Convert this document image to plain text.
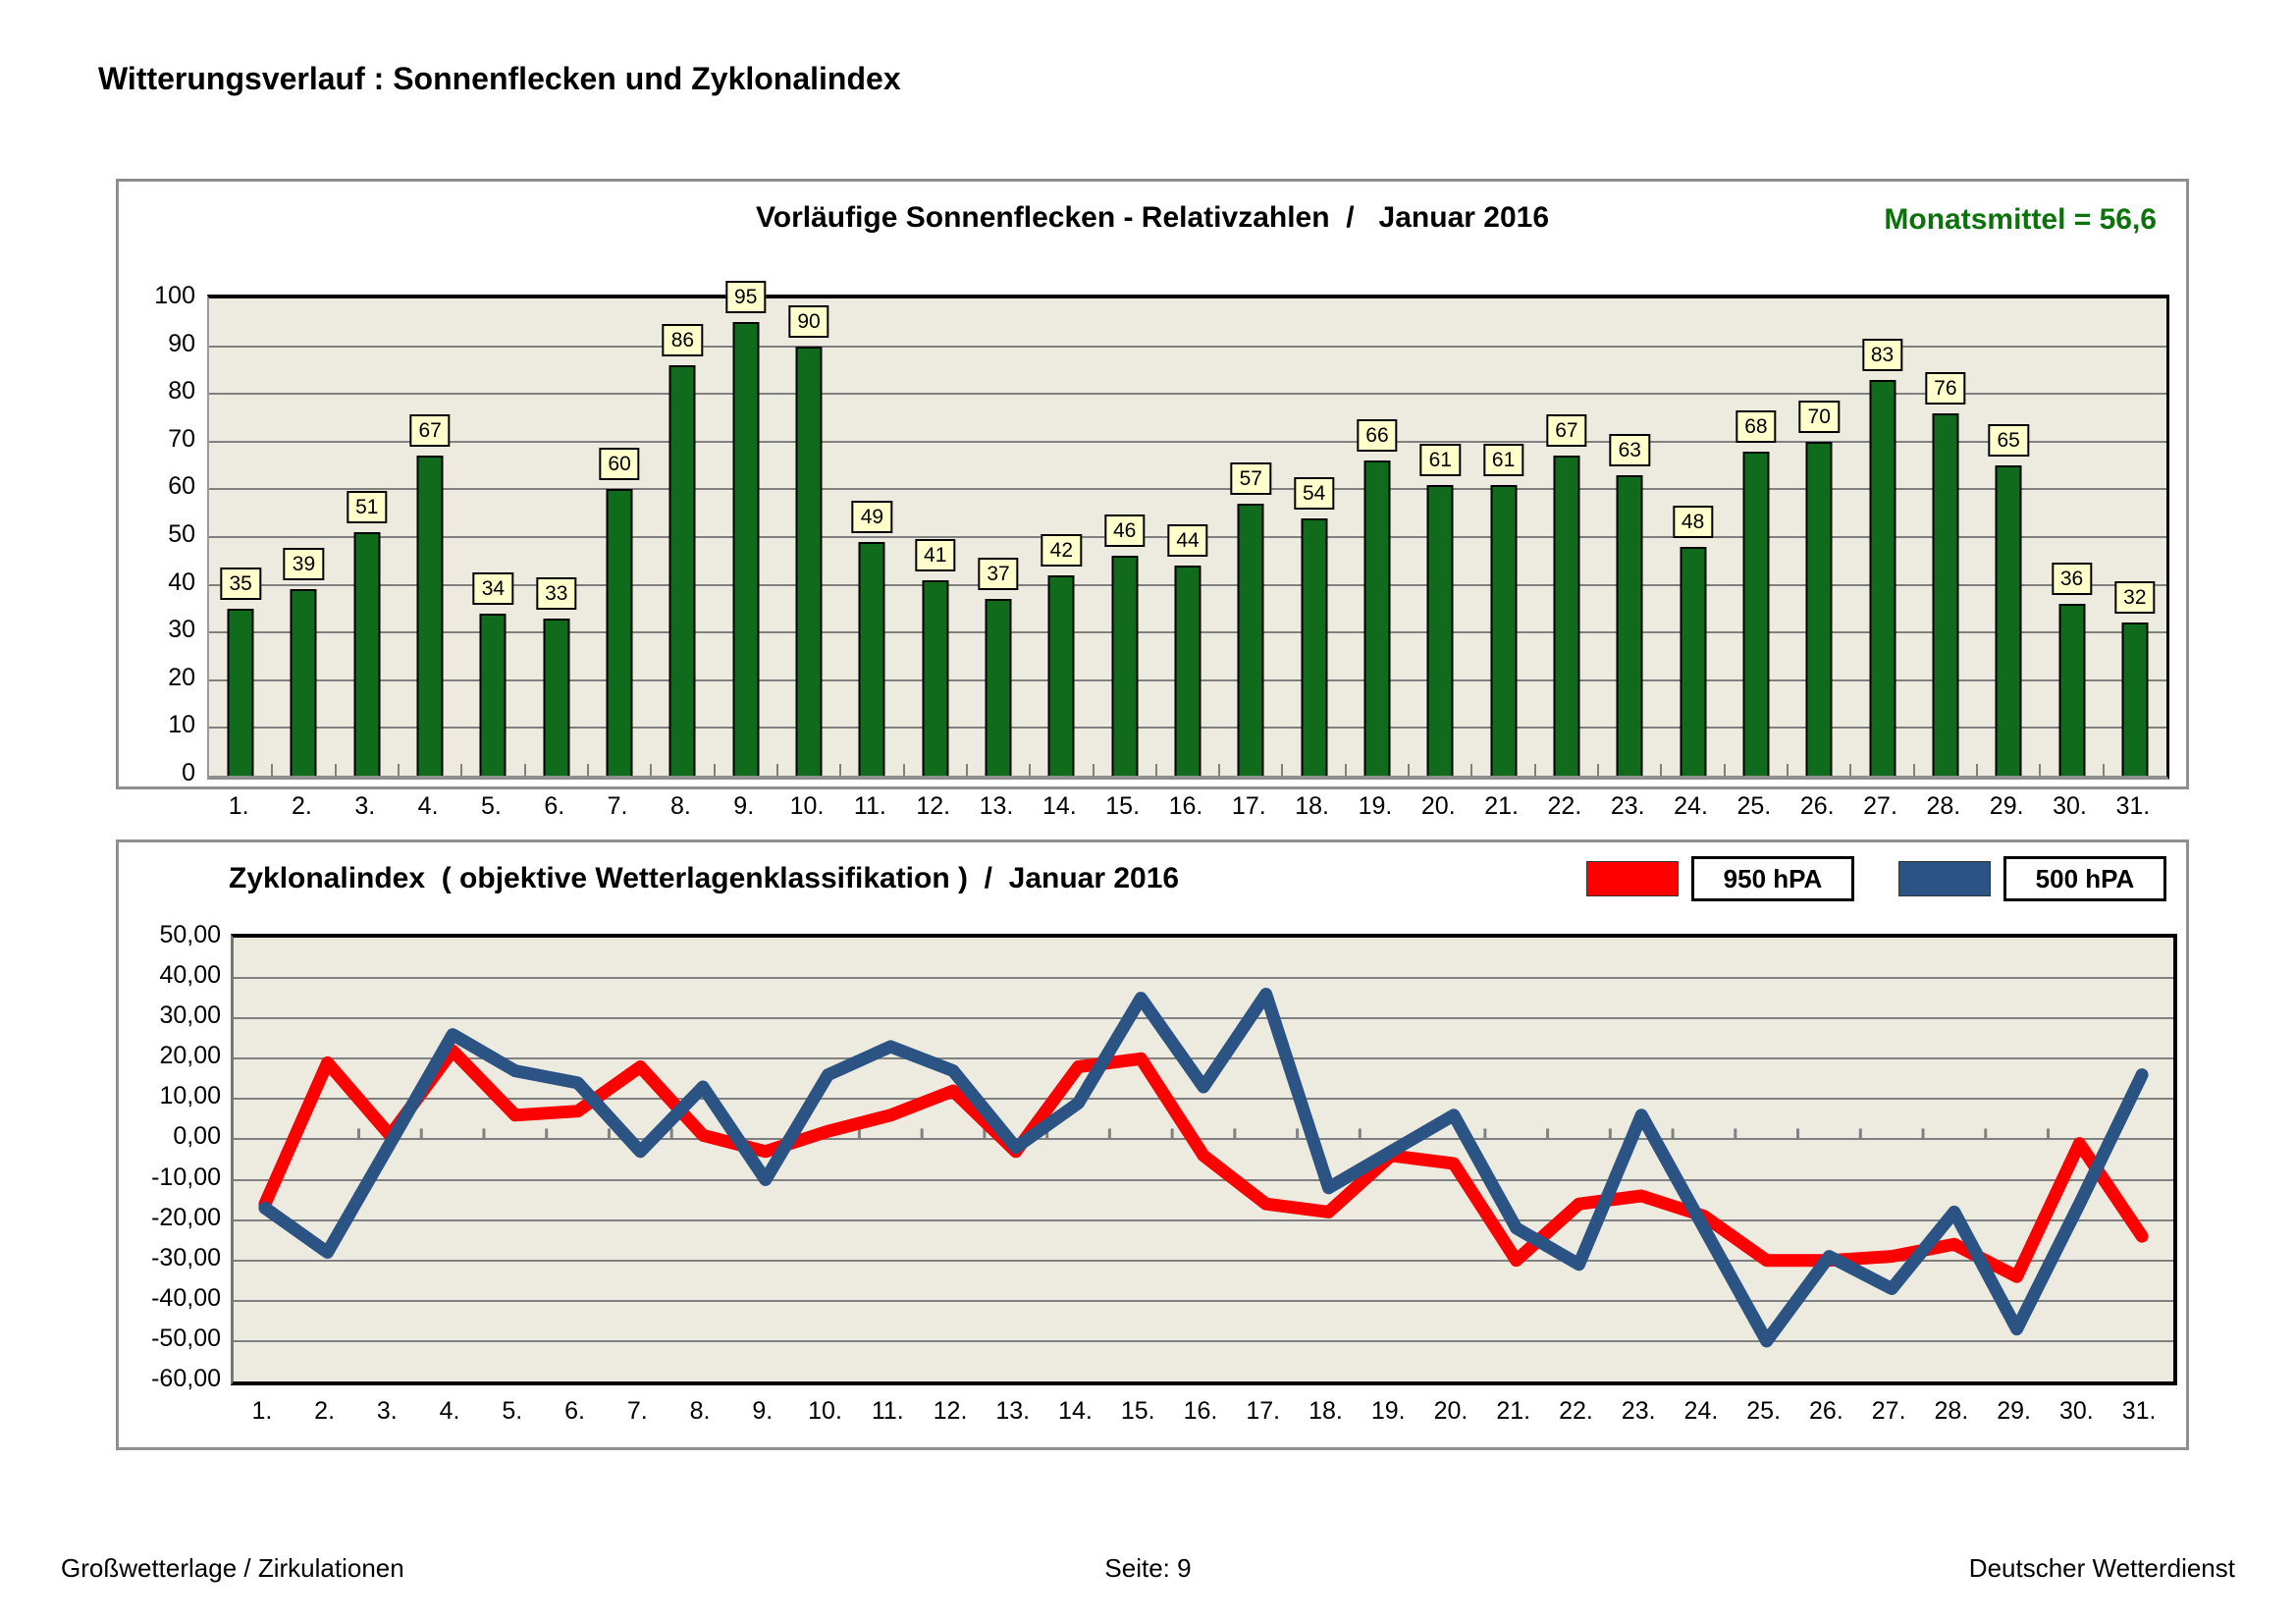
Witterungsverlauf : Sonnenflecken und Zyklonalindex
Vorläufige Sonnenflecken - Relativzahlen  /   Januar 2016	Monatsmittel = 56,6
35
39
51
67
34	33
60
86
95
90
49
41
37
42
46	44
57
54
66
61	61
67
63
48
68	70
83
76
65
36
32
100
90
80
70
60
50
40
30
20
10
0
1.	2.	3.	4.	5.	6.	7.	8.	9.	10.	11.	12.	13.	14.	15.	16.	17.	18.	19.	20.	21.	22.	23.	24.	25.	26.	27.	28.	29.	30.	31.
Zyklonalindex  ( objektive Wetterlagenklassifikation )  /  Januar 2016	950 hPA	500 hPA
50,00
40,00
30,00
20,00
10,00
0,00
-10,00
-20,00
-30,00
-40,00
-50,00
-60,00
1.	2.	3.	4.	5.	6.	7.	8.	9.	10.	11.	12.	13.	14.	15.	16.	17.	18.	19.	20.	21.	22.	23.	24.	25.	26.	27.	28.	29.	30.	31.
Großwetterlage / Zirkulationen	Seite: 9	Deutscher Wetterdienst
